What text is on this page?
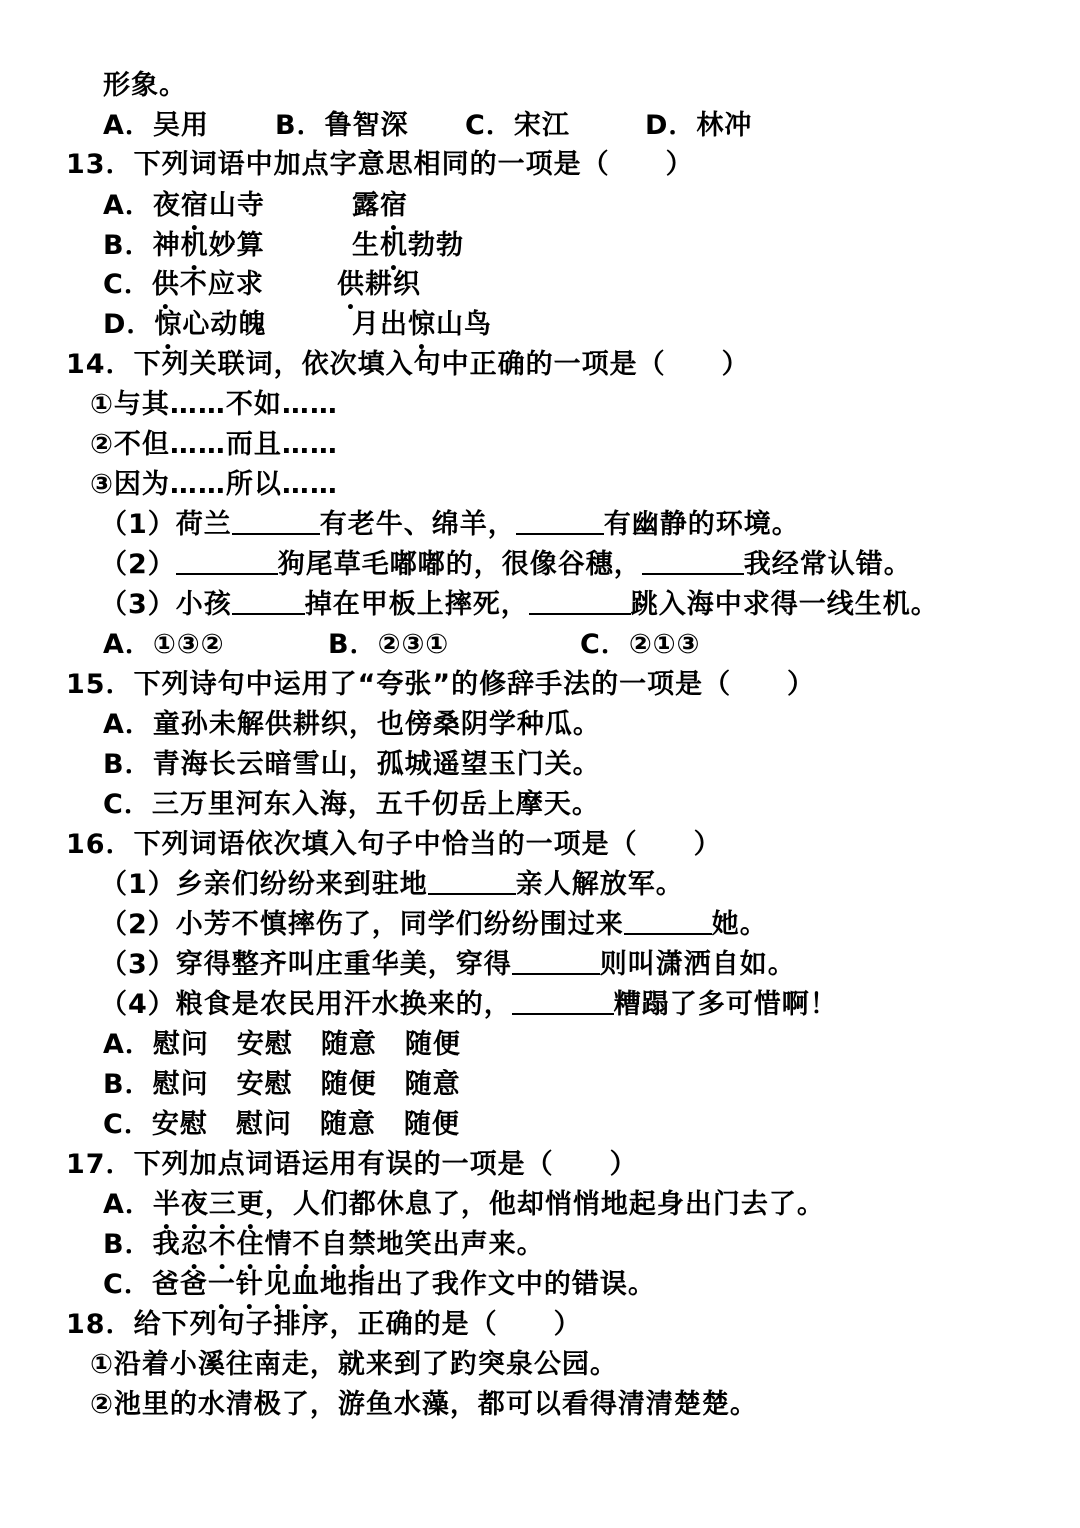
形象。
A．吴用 B．鲁智深 C．宋江	D．林冲
13．下列词语中加点字意思相同的一项是（　　）
A．夜宿山寺	露宿
B．神机妙算	生机勃勃
C．供不应求	供耕织
D．惊心动魄	月出惊山鸟
14．下列关联词，依次填入句中正确的一项是（　　）
①与其……不如……
②不但……而且……
③因为……所以……
（1）荷兰	有老牛、绵羊，	有幽静的环境。
（2）	狗尾草毛嘟嘟的，很像谷穗，	我经常认错。
（3）小孩	掉在甲板上摔死，	跳入海中求得一线生机。
A．①③②	B．②③①	C．②①③
15．下列诗句中运用了“夸张”的修辞手法的一项是（　　）
A．童孙未解供耕织，也傍桑阴学种瓜。
B．青海长云暗雪山，孤城遥望玉门关。
C．三万里河东入海，五千仞岳上摩天。
16．下列词语依次填入句子中恰当的一项是（　　）
（1）乡亲们纷纷来到驻地	亲人解放军。
（2）小芳不慎摔伤了，同学们纷纷围过来	她。
（3）穿得整齐叫庄重华美，穿得	则叫潇洒自如。
（4）粮食是农民用汗水换来的，	糟蹋了多可惜啊！
A．慰问　安慰　随意　随便
B．慰问　安慰　随便　随意
C．安慰　慰问　随意　随便
17．下列加点词语运用有误的一项是（　　）
A．半夜三更，人们都休息了，他却悄悄地起身出门去了。
B．我忍不住情不自禁地笑出声来。
C．爸爸一针见血地指出了我作文中的错误。
18．给下列句子排序，正确的是（　　）
①沿着小溪往南走，就来到了趵突泉公园。
②池里的水清极了，游鱼水藻，都可以看得清清楚楚。
